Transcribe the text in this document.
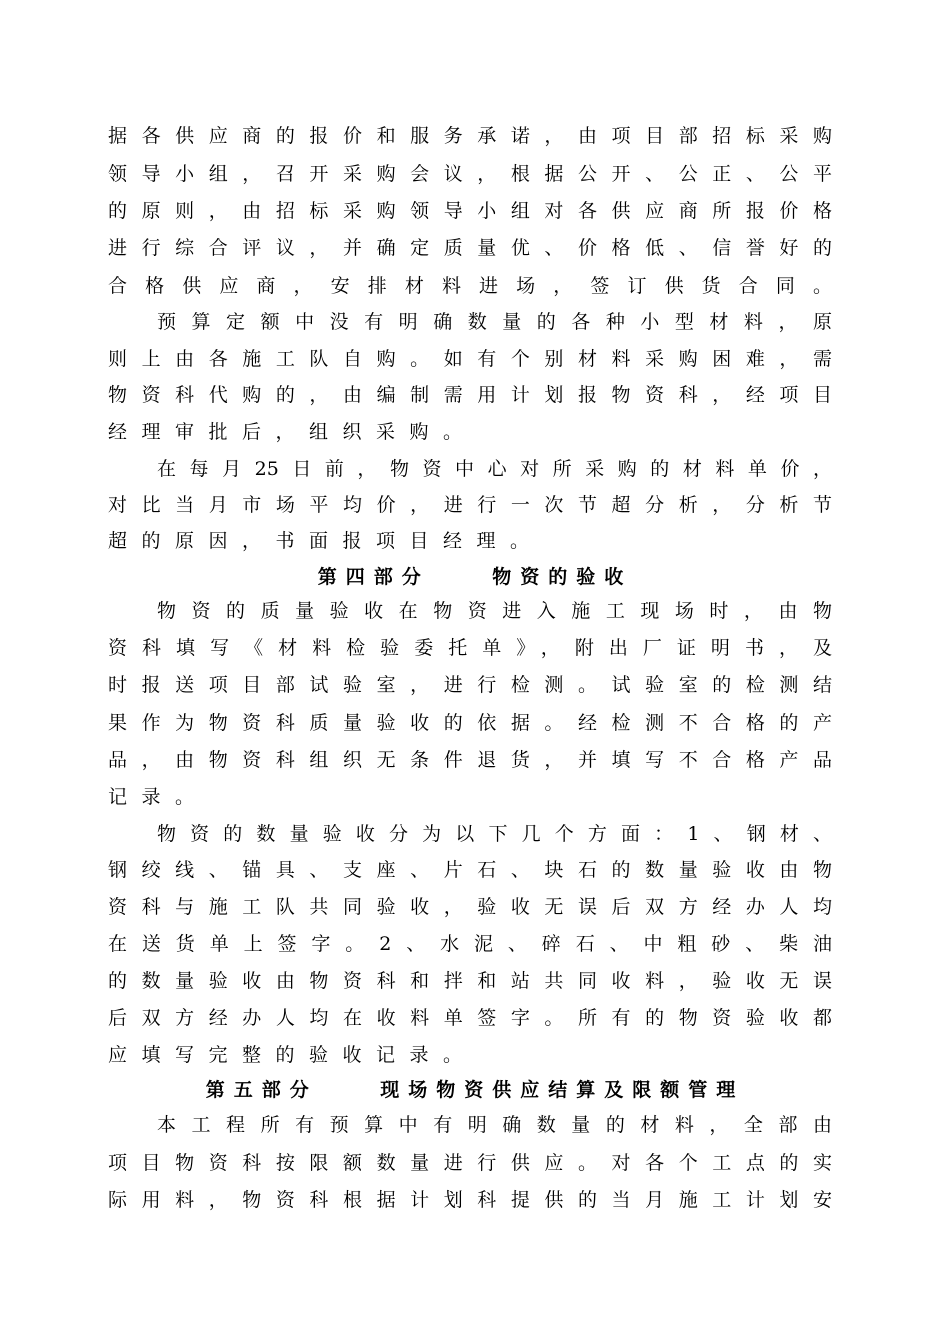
据各供应商的报价和服务承诺，由项目部招标采购
领导小组，召开采购会议，根据公开、公正、公平
的原则，由招标采购领导小组对各供应商所报价格
进行综合评议，并确定质量优、价格低、信誉好的
合格供应商，安排材料进场，签订供货合同。
预算定额中没有明确数量的各种小型材料，原
则上由各施工队自购。如有个别材料采购困难，需
物资科代购的，由编制需用计划报物资科，经项目
经理审批后，组织采购。
在每月25日前，物资中心对所采购的材料单价，
对比当月市场平均价，进行一次节超分析，分析节
超的原因，书面报项目经理。
第四部分    物资的验收
物资的质量验收在物资进入施工现场时，由物
资科填写《材料检验委托单》，附出厂证明书，及
时报送项目部试验室，进行检测。试验室的检测结
果作为物资科质量验收的依据。经检测不合格的产
品，由物资科组织无条件退货，并填写不合格产品
记录。
物资的数量验收分为以下几个方面：1、钢材、
钢绞线、锚具、支座、片石、块石的数量验收由物
资科与施工队共同验收，验收无误后双方经办人均
在送货单上签字。2、水泥、碎石、中粗砂、柴油
的数量验收由物资科和拌和站共同收料，验收无误
后双方经办人均在收料单签字。所有的物资验收都
应填写完整的验收记录。
第五部分    现场物资供应结算及限额管理
本工程所有预算中有明确数量的材料，全部由
项目物资科按限额数量进行供应。对各个工点的实
际用料，物资科根据计划科提供的当月施工计划安
